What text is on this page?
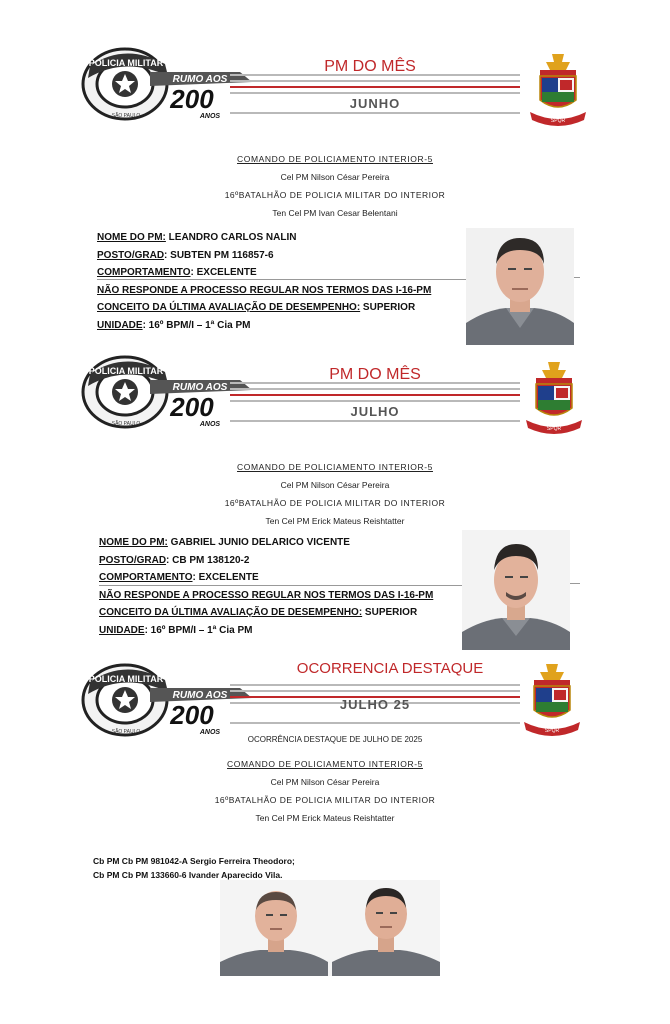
POLICIA MILITAR
SÃO PAULO
RUMO AOS
200
ANOS
PM DO MÊS
JUNHO
SPQR
COMANDO DE POLICIAMENTO INTERIOR-5
Cel PM Nilson César Pereira
16ºBATALHÃO DE POLICIA MILITAR DO INTERIOR
Ten Cel PM Ivan Cesar Belentani
NOME DO PM: LEANDRO CARLOS NALIN
POSTO/GRAD: SUBTEN PM 116857-6
COMPORTAMENTO: EXCELENTE
NÃO RESPONDE A PROCESSO REGULAR NOS TERMOS DAS I-16-PM
CONCEITO DA ÚLTIMA AVALIAÇÃO DE DESEMPENHO: SUPERIOR
UNIDADE: 16º BPM/I – 1ª Cia PM
POLICIA MILITAR
SÃO PAULO
RUMO AOS
200
ANOS
PM DO MÊS
JULHO
SPQR
COMANDO DE POLICIAMENTO INTERIOR-5
Cel PM Nilson César Pereira
16ºBATALHÃO DE POLICIA MILITAR DO INTERIOR
Ten Cel PM Erick Mateus Reishtatter
NOME DO PM: GABRIEL JUNIO DELARICO VICENTE
POSTO/GRAD: CB PM 138120-2
COMPORTAMENTO: EXCELENTE
NÃO RESPONDE A PROCESSO REGULAR NOS TERMOS DAS I-16-PM
CONCEITO DA ÚLTIMA AVALIAÇÃO DE DESEMPENHO: SUPERIOR
UNIDADE: 16º BPM/I – 1ª Cia PM
POLICIA MILITAR
SÃO PAULO
RUMO AOS
200
ANOS
OCORRENCIA DESTAQUE
JULHO 25
SPQR
OCORRÊNCIA DESTAQUE DE JULHO DE 2025
COMANDO DE POLICIAMENTO INTERIOR-5
Cel PM Nilson César Pereira
16ºBATALHÃO DE POLICIA MILITAR DO INTERIOR
Ten Cel PM Erick Mateus Reishtatter
Cb PM Cb PM 981042-A Sergio Ferreira Theodoro;
Cb PM Cb PM 133660-6 Ivander Aparecido Vila.
